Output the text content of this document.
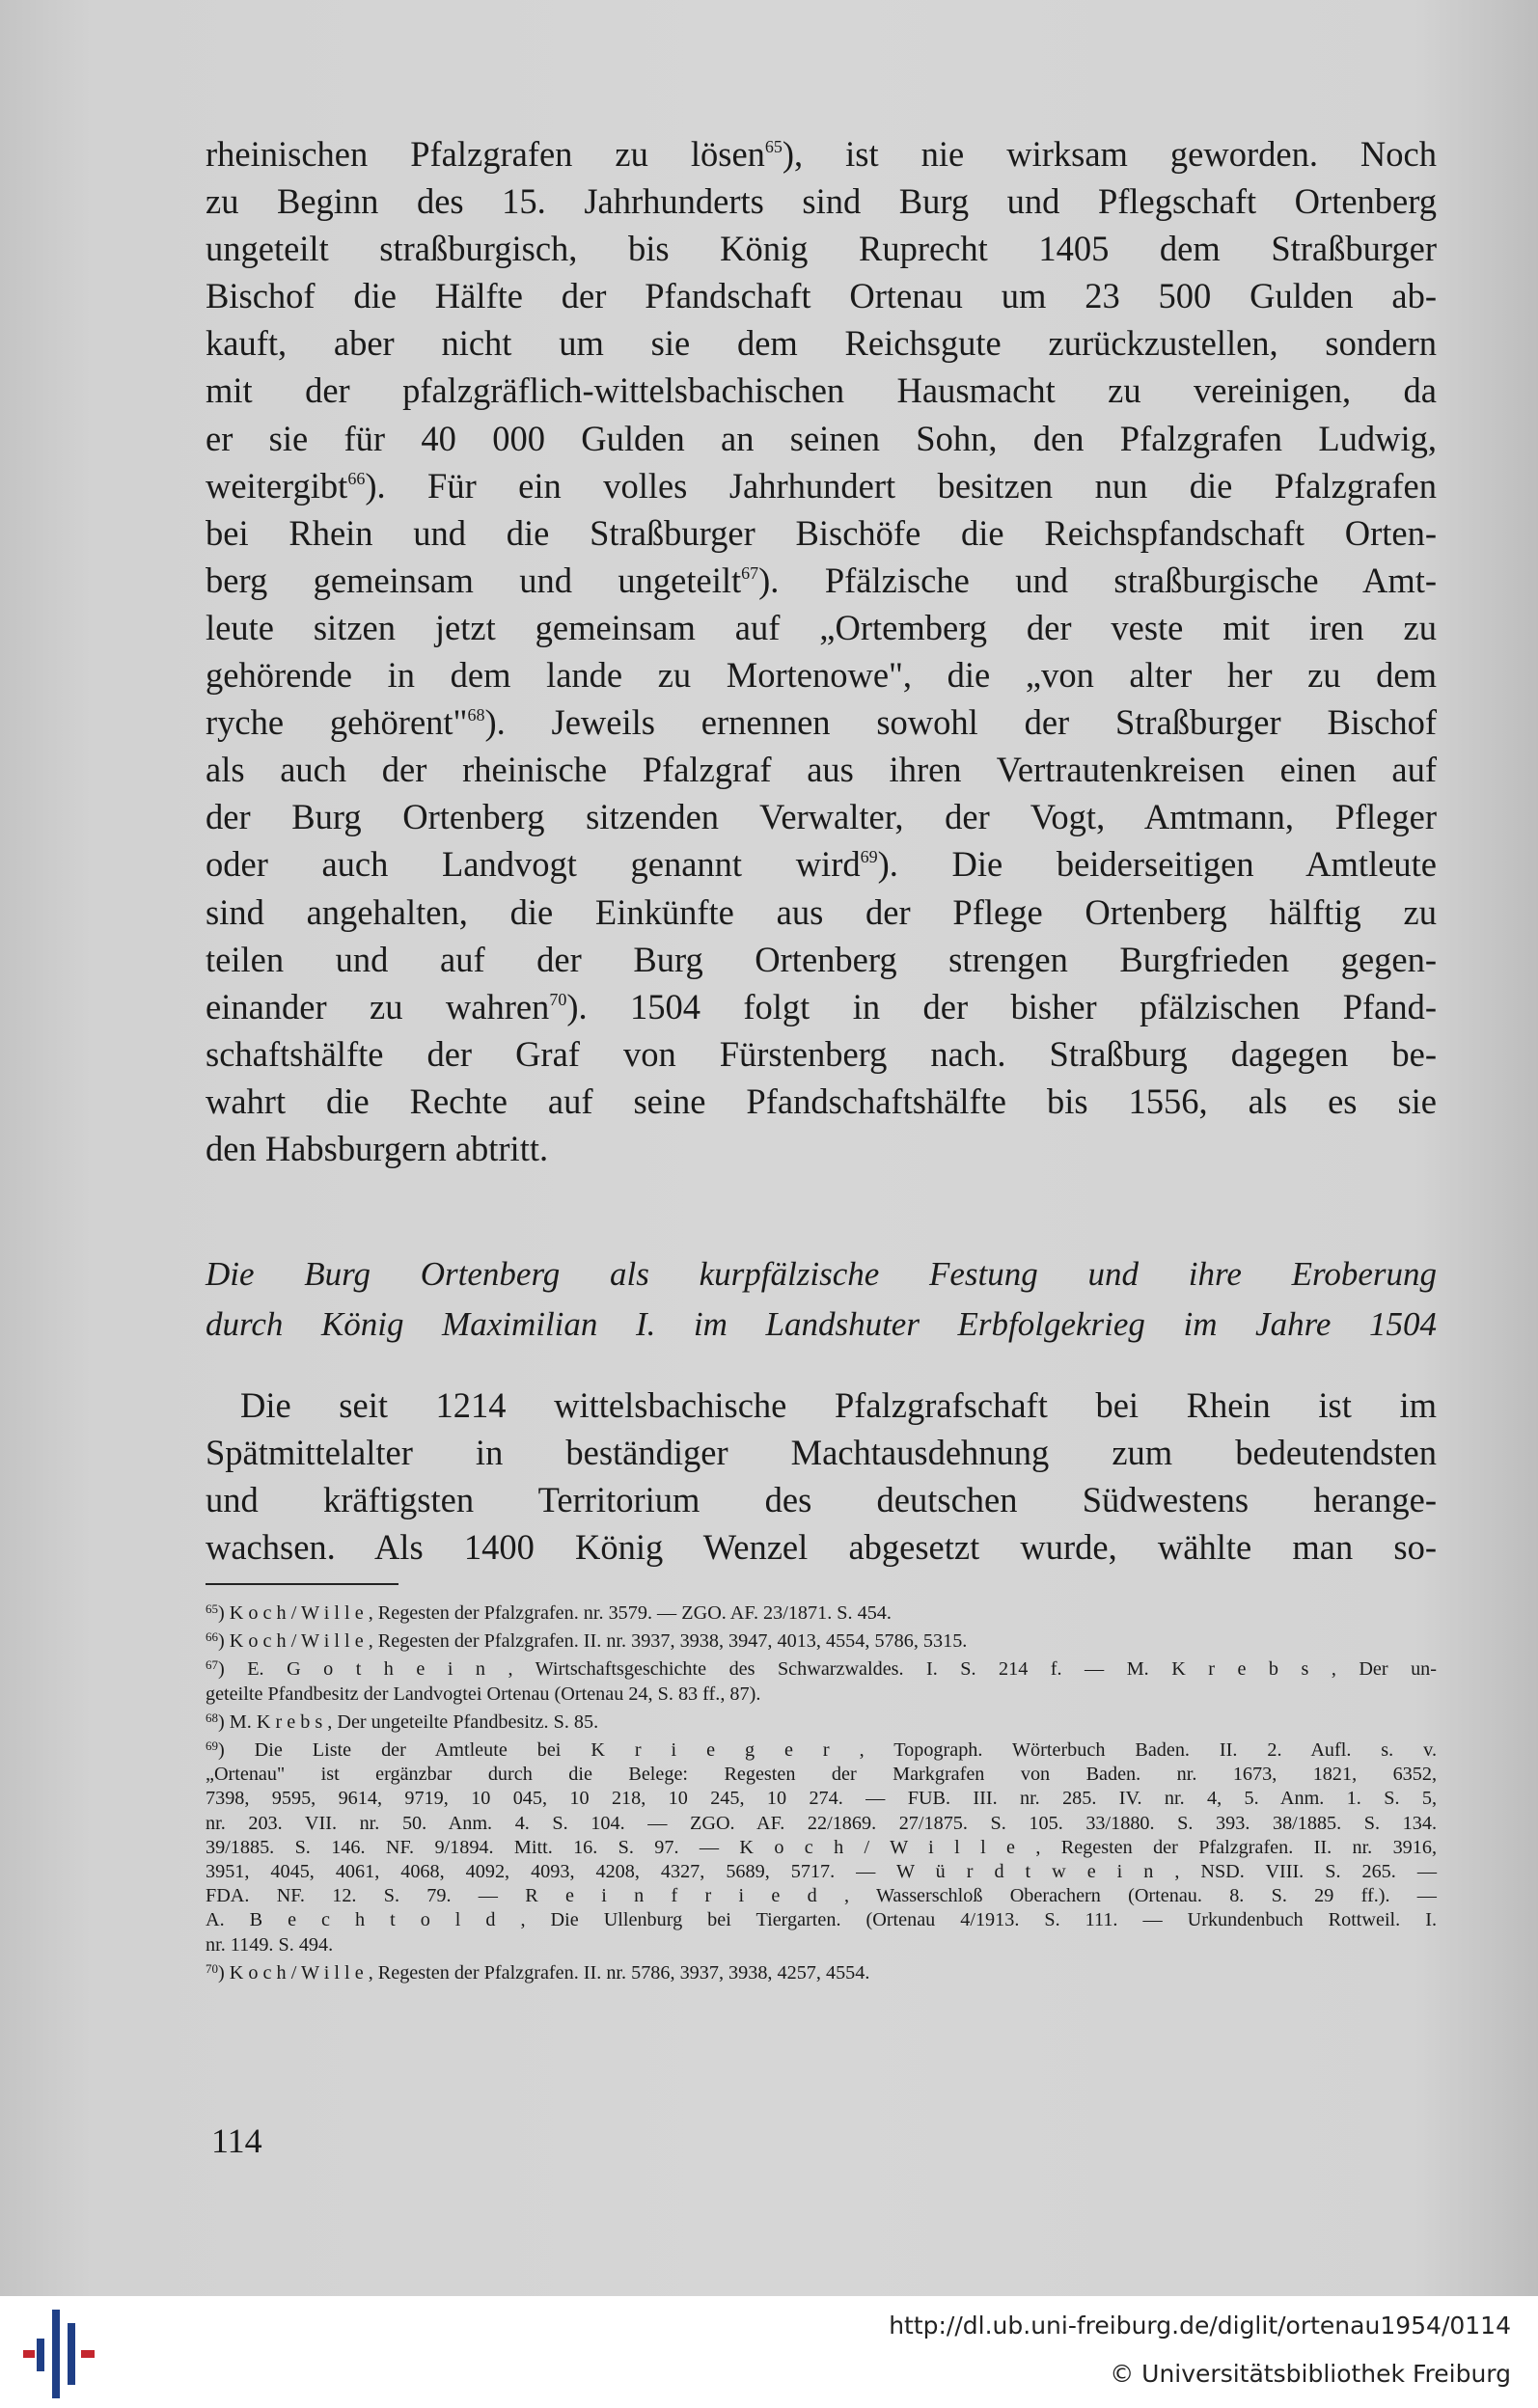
rheinischen Pfalzgrafen zu lösen$^{65}$), ist nie wirksam geworden. Noch
zu Beginn des 15. Jahrhunderts sind Burg und Pflegschaft Ortenberg
ungeteilt straßburgisch, bis König Ruprecht 1405 dem Straßburger
Bischof die Hälfte der Pfandschaft Ortenau um 23 500 Gulden ab-
kauft, aber nicht um sie dem Reichsgute zurückzustellen, sondern
mit der pfalzgräflich-wittelsbachischen Hausmacht zu vereinigen, da
er sie für 40 000 Gulden an seinen Sohn, den Pfalzgrafen Ludwig,
weitergibt$^{66}$). Für ein volles Jahrhundert besitzen nun die Pfalzgrafen
bei Rhein und die Straßburger Bischöfe die Reichspfandschaft Orten-
berg gemeinsam und ungeteilt$^{67}$). Pfälzische und straßburgische Amt-
leute sitzen jetzt gemeinsam auf „Ortemberg der veste mit iren zu
gehörende in dem lande zu Mortenowe", die „von alter her zu dem
ryche gehörent"$^{68}$). Jeweils ernennen sowohl der Straßburger Bischof
als auch der rheinische Pfalzgraf aus ihren Vertrautenkreisen einen auf
der Burg Ortenberg sitzenden Verwalter, der Vogt, Amtmann, Pfleger
oder auch Landvogt genannt wird$^{69}$). Die beiderseitigen Amtleute
sind angehalten, die Einkünfte aus der Pflege Ortenberg hälftig zu
teilen und auf der Burg Ortenberg strengen Burgfrieden gegen-
einander zu wahren$^{70}$). 1504 folgt in der bisher pfälzischen Pfand-
schaftshälfte der Graf von Fürstenberg nach. Straßburg dagegen be-
wahrt die Rechte auf seine Pfandschaftshälfte bis 1556, als es sie
den Habsburgern abtritt.
Die Burg Ortenberg als kurpfälzische Festung und ihre Eroberung
durch König Maximilian I. im Landshuter Erbfolgekrieg im Jahre 1504
Die seit 1214 wittelsbachische Pfalzgrafschaft bei Rhein ist im
Spätmittelalter in beständiger Machtausdehnung zum bedeutendsten
und kräftigsten Territorium des deutschen Südwestens herange-
wachsen. Als 1400 König Wenzel abgesetzt wurde, wählte man so-
$^{65}$) K o c h / W i l l e , Regesten der Pfalzgrafen. nr. 3579. — ZGO. AF. 23/1871. S. 454.
$^{66}$) K o c h / W i l l e , Regesten der Pfalzgrafen. II. nr. 3937, 3938, 3947, 4013, 4554, 5786, 5315.
$^{67}$) E. G o t h e i n , Wirtschaftsgeschichte des Schwarzwaldes. I. S. 214 f. — M. K r e b s , Der un-
geteilte Pfandbesitz der Landvogtei Ortenau (Ortenau 24, S. 83 ff., 87).
$^{68}$) M. K r e b s , Der ungeteilte Pfandbesitz. S. 85.
$^{69}$) Die Liste der Amtleute bei K r i e g e r , Topograph. Wörterbuch Baden. II. 2. Aufl. s. v.
„Ortenau" ist ergänzbar durch die Belege: Regesten der Markgrafen von Baden. nr. 1673, 1821, 6352,
7398, 9595, 9614, 9719, 10 045, 10 218, 10 245, 10 274. — FUB. III. nr. 285. IV. nr. 4, 5. Anm. 1. S. 5,
nr. 203. VII. nr. 50. Anm. 4. S. 104. — ZGO. AF. 22/1869. 27/1875. S. 105. 33/1880. S. 393. 38/1885. S. 134.
39/1885. S. 146. NF. 9/1894. Mitt. 16. S. 97. — K o c h / W i l l e , Regesten der Pfalzgrafen. II. nr. 3916,
3951, 4045, 4061, 4068, 4092, 4093, 4208, 4327, 5689, 5717. — W ü r d t w e i n , NSD. VIII. S. 265. —
FDA. NF. 12. S. 79. — R e i n f r i e d , Wasserschloß Oberachern (Ortenau. 8. S. 29 ff.). —
A. B e c h t o l d , Die Ullenburg bei Tiergarten. (Ortenau 4/1913. S. 111. — Urkundenbuch Rottweil. I.
nr. 1149. S. 494.
$^{70}$) K o c h / W i l l e , Regesten der Pfalzgrafen. II. nr. 5786, 3937, 3938, 4257, 4554.
114
http://dl.ub.uni-freiburg.de/diglit/ortenau1954/0114
© Universitätsbibliothek Freiburg
